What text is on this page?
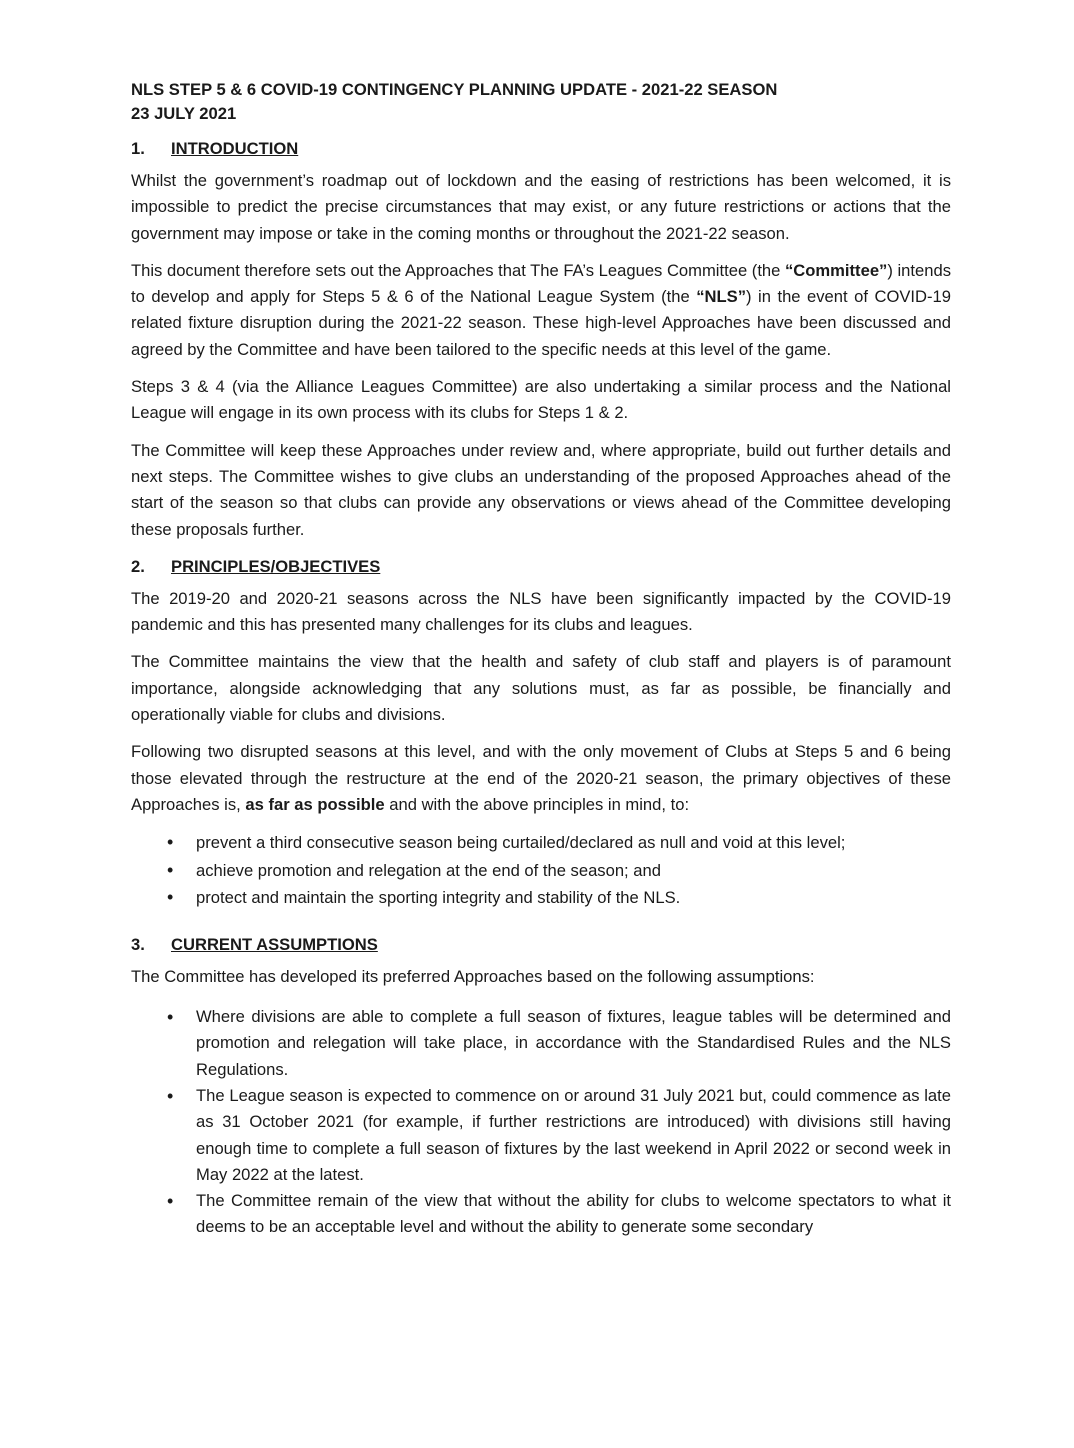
NLS STEP 5 & 6 COVID-19 CONTINGENCY PLANNING UPDATE - 2021-22 SEASON
23 JULY 2021
1. INTRODUCTION

Whilst the government’s roadmap out of lockdown and the easing of restrictions has been welcomed, it is impossible to predict the precise circumstances that may exist, or any future restrictions or actions that the government may impose or take in the coming months or throughout the 2021-22 season.

This document therefore sets out the Approaches that The FA’s Leagues Committee (the “Committee”) intends to develop and apply for Steps 5 & 6 of the National League System (the “NLS”) in the event of COVID-19 related fixture disruption during the 2021-22 season. These high-level Approaches have been discussed and agreed by the Committee and have been tailored to the specific needs at this level of the game.

Steps 3 & 4 (via the Alliance Leagues Committee) are also undertaking a similar process and the National League will engage in its own process with its clubs for Steps 1 & 2.

The Committee will keep these Approaches under review and, where appropriate, build out further details and next steps. The Committee wishes to give clubs an understanding of the proposed Approaches ahead of the start of the season so that clubs can provide any observations or views ahead of the Committee developing these proposals further.

2. PRINCIPLES/OBJECTIVES

The 2019-20 and 2020-21 seasons across the NLS have been significantly impacted by the COVID-19 pandemic and this has presented many challenges for its clubs and leagues.

The Committee maintains the view that the health and safety of club staff and players is of paramount importance, alongside acknowledging that any solutions must, as far as possible, be financially and operationally viable for clubs and divisions.

Following two disrupted seasons at this level, and with the only movement of Clubs at Steps 5 and 6 being those elevated through the restructure at the end of the 2020-21 season, the primary objectives of these Approaches is, as far as possible and with the above principles in mind, to:

• prevent a third consecutive season being curtailed/declared as null and void at this level;
• achieve promotion and relegation at the end of the season; and
• protect and maintain the sporting integrity and stability of the NLS.
3. CURRENT ASSUMPTIONS

The Committee has developed its preferred Approaches based on the following assumptions:

• Where divisions are able to complete a full season of fixtures, league tables will be determined and promotion and relegation will take place, in accordance with the Standardised Rules and the NLS Regulations.
• The League season is expected to commence on or around 31 July 2021 but, could commence as late as 31 October 2021 (for example, if further restrictions are introduced) with divisions still having enough time to complete a full season of fixtures by the last weekend in April 2022 or second week in May 2022 at the latest.
• The Committee remain of the view that without the ability for clubs to welcome spectators to what it deems to be an acceptable level and without the ability to generate some secondary
